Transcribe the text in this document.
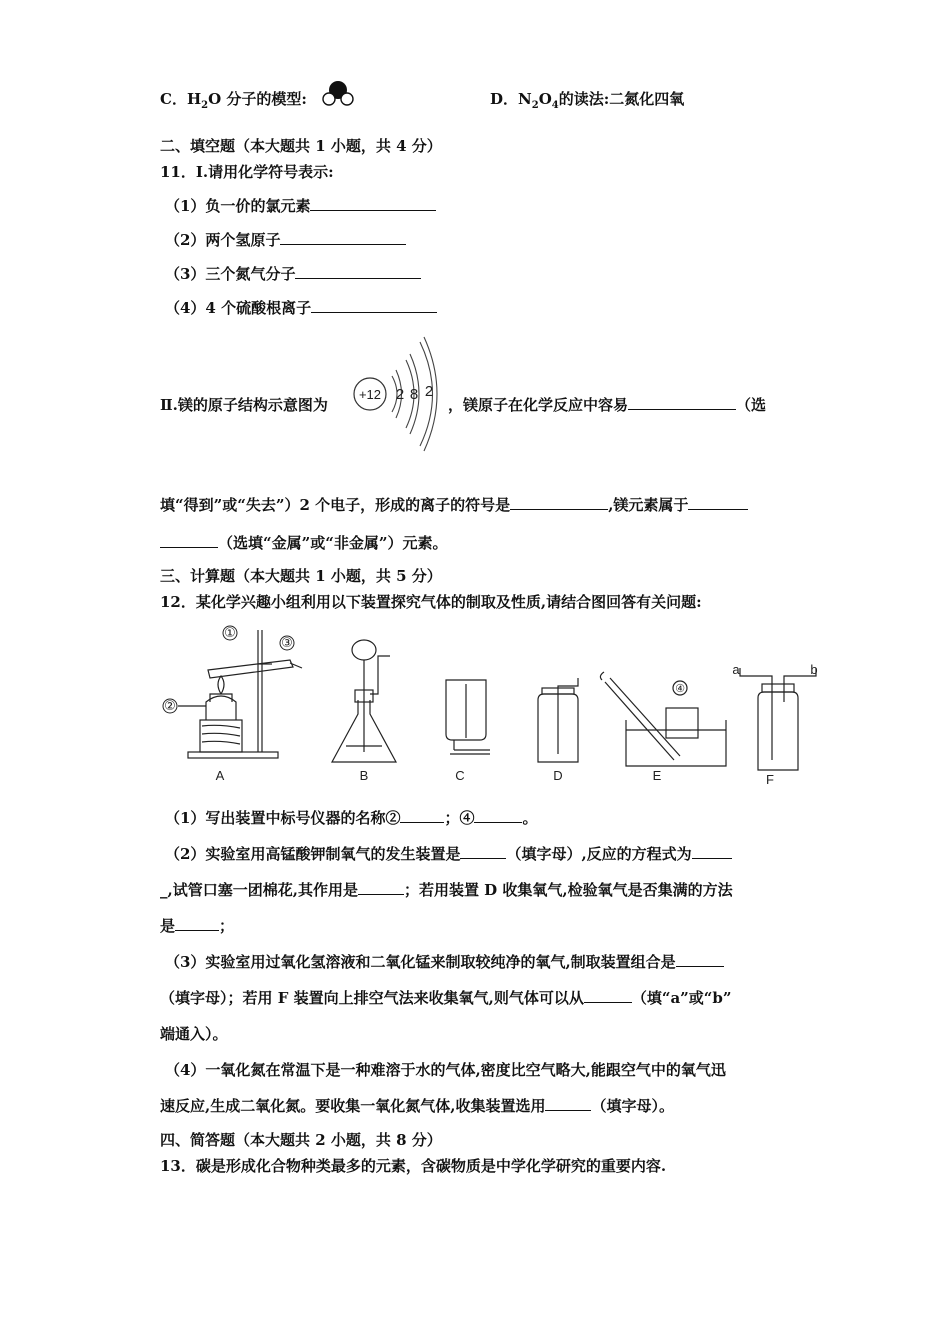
C．$H_2O$ 分子的模型:	D．$N_2O_4$的读法:二氮化四氧
二、填空题（本大题共 1 小题，共 4 分）
11．Ⅰ.请用化学符号表示:
（1）负一价的氯元素
（2）两个氢原子
（3）三个氮气分子
（4）4 个硫酸根离子
Ⅱ.镁的原子结构示意图为
+12 2 8 2
，镁原子在化学反应中容易	（选
填“得到”或“失去”）2 个电子，形成的离子的符号是	,镁元素属于
（选填“金属”或“非金属”）元素。
三、计算题（本大题共 1 小题，共 5 分）
12．某化学兴趣小组利用以下装置探究气体的制取及性质,请结合图回答有关问题:
①
②
③
④
A	B	C	D	E	F
a	b
（1）写出装置中标号仪器的名称②	；④	。
（2）实验室用高锰酸钾制氧气的发生装置是	（填字母）,反应的方程式为
_,试管口塞一团棉花,其作用是	；若用装置 D 收集氧气,检验氧气是否集满的方法
是	；
（3）实验室用过氧化氢溶液和二氧化锰来制取较纯净的氧气,制取装置组合是
（填字母）；若用 F 装置向上排空气法来收集氧气,则气体可以从	（填“a”或“b”
端通入）。
（4）一氧化氮在常温下是一种难溶于水的气体,密度比空气略大,能跟空气中的氧气迅
速反应,生成二氧化氮。要收集一氧化氮气体,收集装置选用	（填字母）。
四、简答题（本大题共 2 小题，共 8 分）
13．碳是形成化合物种类最多的元素，含碳物质是中学化学研究的重要内容.
